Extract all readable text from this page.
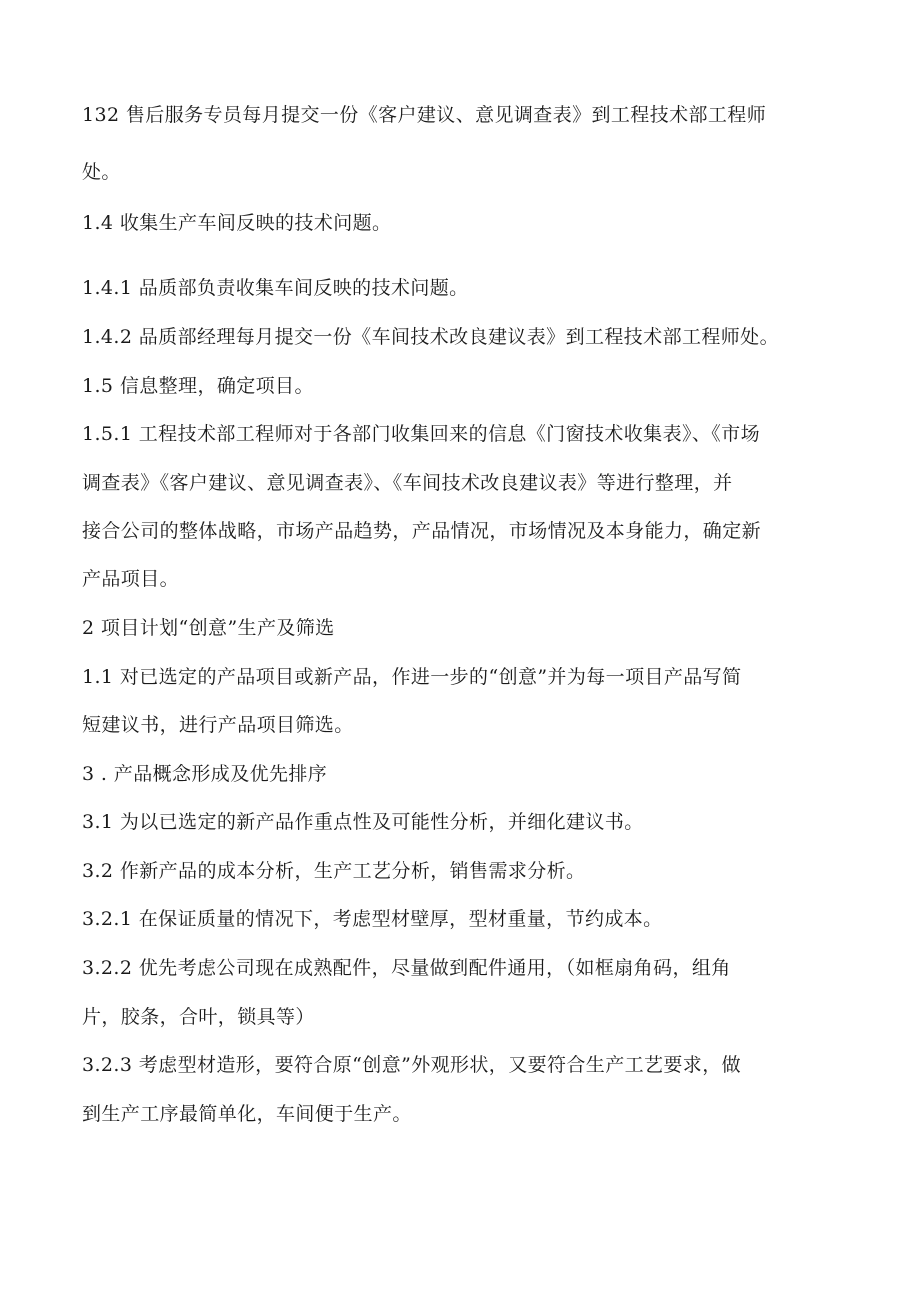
132 售后服务专员每月提交一份《客户建议、意见调查表》到工程技术部工程师
处。
1.4 收集生产车间反映的技术问题。
1.4.1 品质部负责收集车间反映的技术问题。
1.4.2 品质部经理每月提交一份《车间技术改良建议表》到工程技术部工程师处。
1.5 信息整理，确定项目。
1.5.1 工程技术部工程师对于各部门收集回来的信息《门窗技术收集表》、《市场
调查表》《客户建议、意见调查表》、《车间技术改良建议表》等进行整理，并
接合公司的整体战略，市场产品趋势，产品情况，市场情况及本身能力，确定新
产品项目。
2 项目计划“创意”生产及筛选
1.1 对已选定的产品项目或新产品，作进一步的“创意”并为每一项目产品写简
短建议书，进行产品项目筛选。
3 . 产品概念形成及优先排序
3.1 为以已选定的新产品作重点性及可能性分析，并细化建议书。
3.2 作新产品的成本分析，生产工艺分析，销售需求分析。
3.2.1 在保证质量的情况下，考虑型材壁厚，型材重量，节约成本。
3.2.2 优先考虑公司现在成熟配件，尽量做到配件通用，（如框扇角码，组角
片，胶条，合叶，锁具等）
3.2.3 考虑型材造形，要符合原“创意”外观形状，又要符合生产工艺要求，做
到生产工序最简单化，车间便于生产。
